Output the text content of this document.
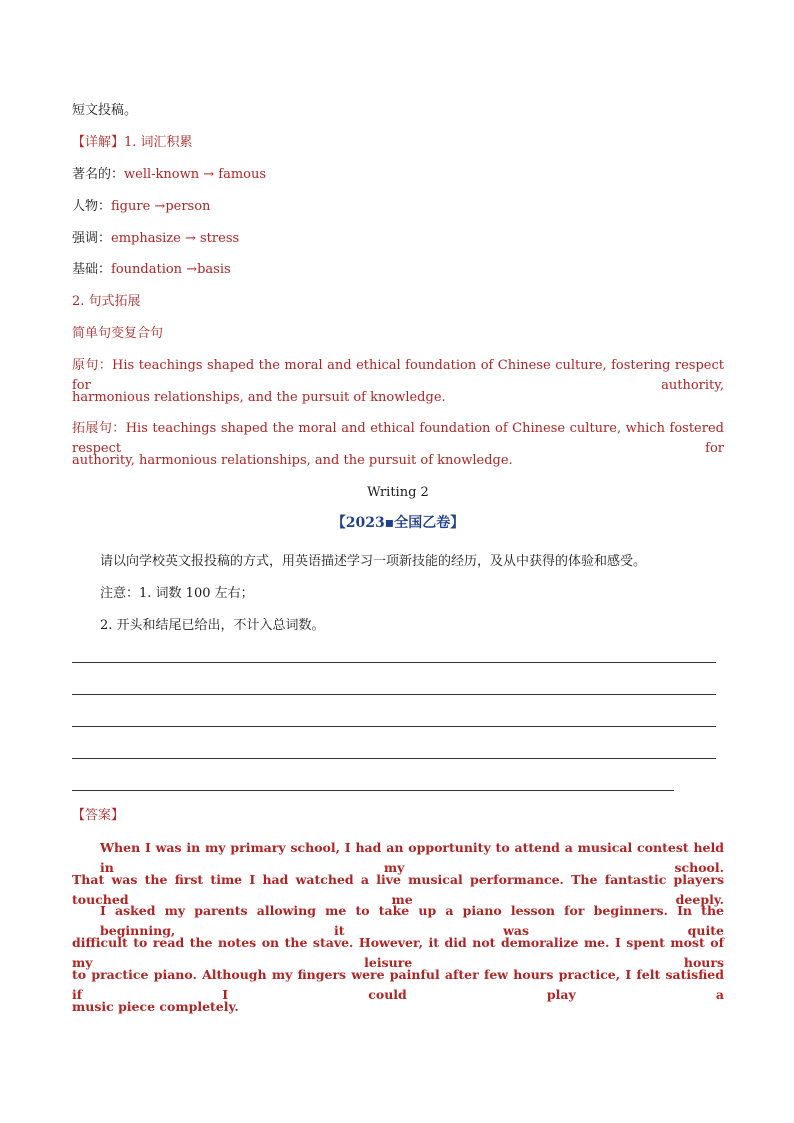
短文投稿。
【详解】1. 词汇积累
著名的：well-known → famous
人物：figure →person
强调：emphasize → stress
基础：foundation →basis
2. 句式拓展
简单句变复合句
原句：His teachings shaped the moral and ethical foundation of Chinese culture, fostering respect for authority,
harmonious relationships, and the pursuit of knowledge.
拓展句：His teachings shaped the moral and ethical foundation of Chinese culture, which fostered respect for
authority, harmonious relationships, and the pursuit of knowledge.
Writing 2
【2023▪全国乙卷】
请以向学校英文报投稿的方式，用英语描述学习一项新技能的经历，及从中获得的体验和感受。
注意：1. 词数 100 左右；
2. 开头和结尾已给出，不计入总词数。
【答案】
When I was in my primary school, I had an opportunity to attend a musical contest held in my school.
That was the first time I had watched a live musical performance. The fantastic players touched me deeply.
I asked my parents allowing me to take up a piano lesson for beginners. In the beginning, it was quite
difficult to read the notes on the stave. However, it did not demoralize me. I spent most of my leisure hours
to practice piano. Although my fingers were painful after few hours practice, I felt satisfied if I could play a
music piece completely.
